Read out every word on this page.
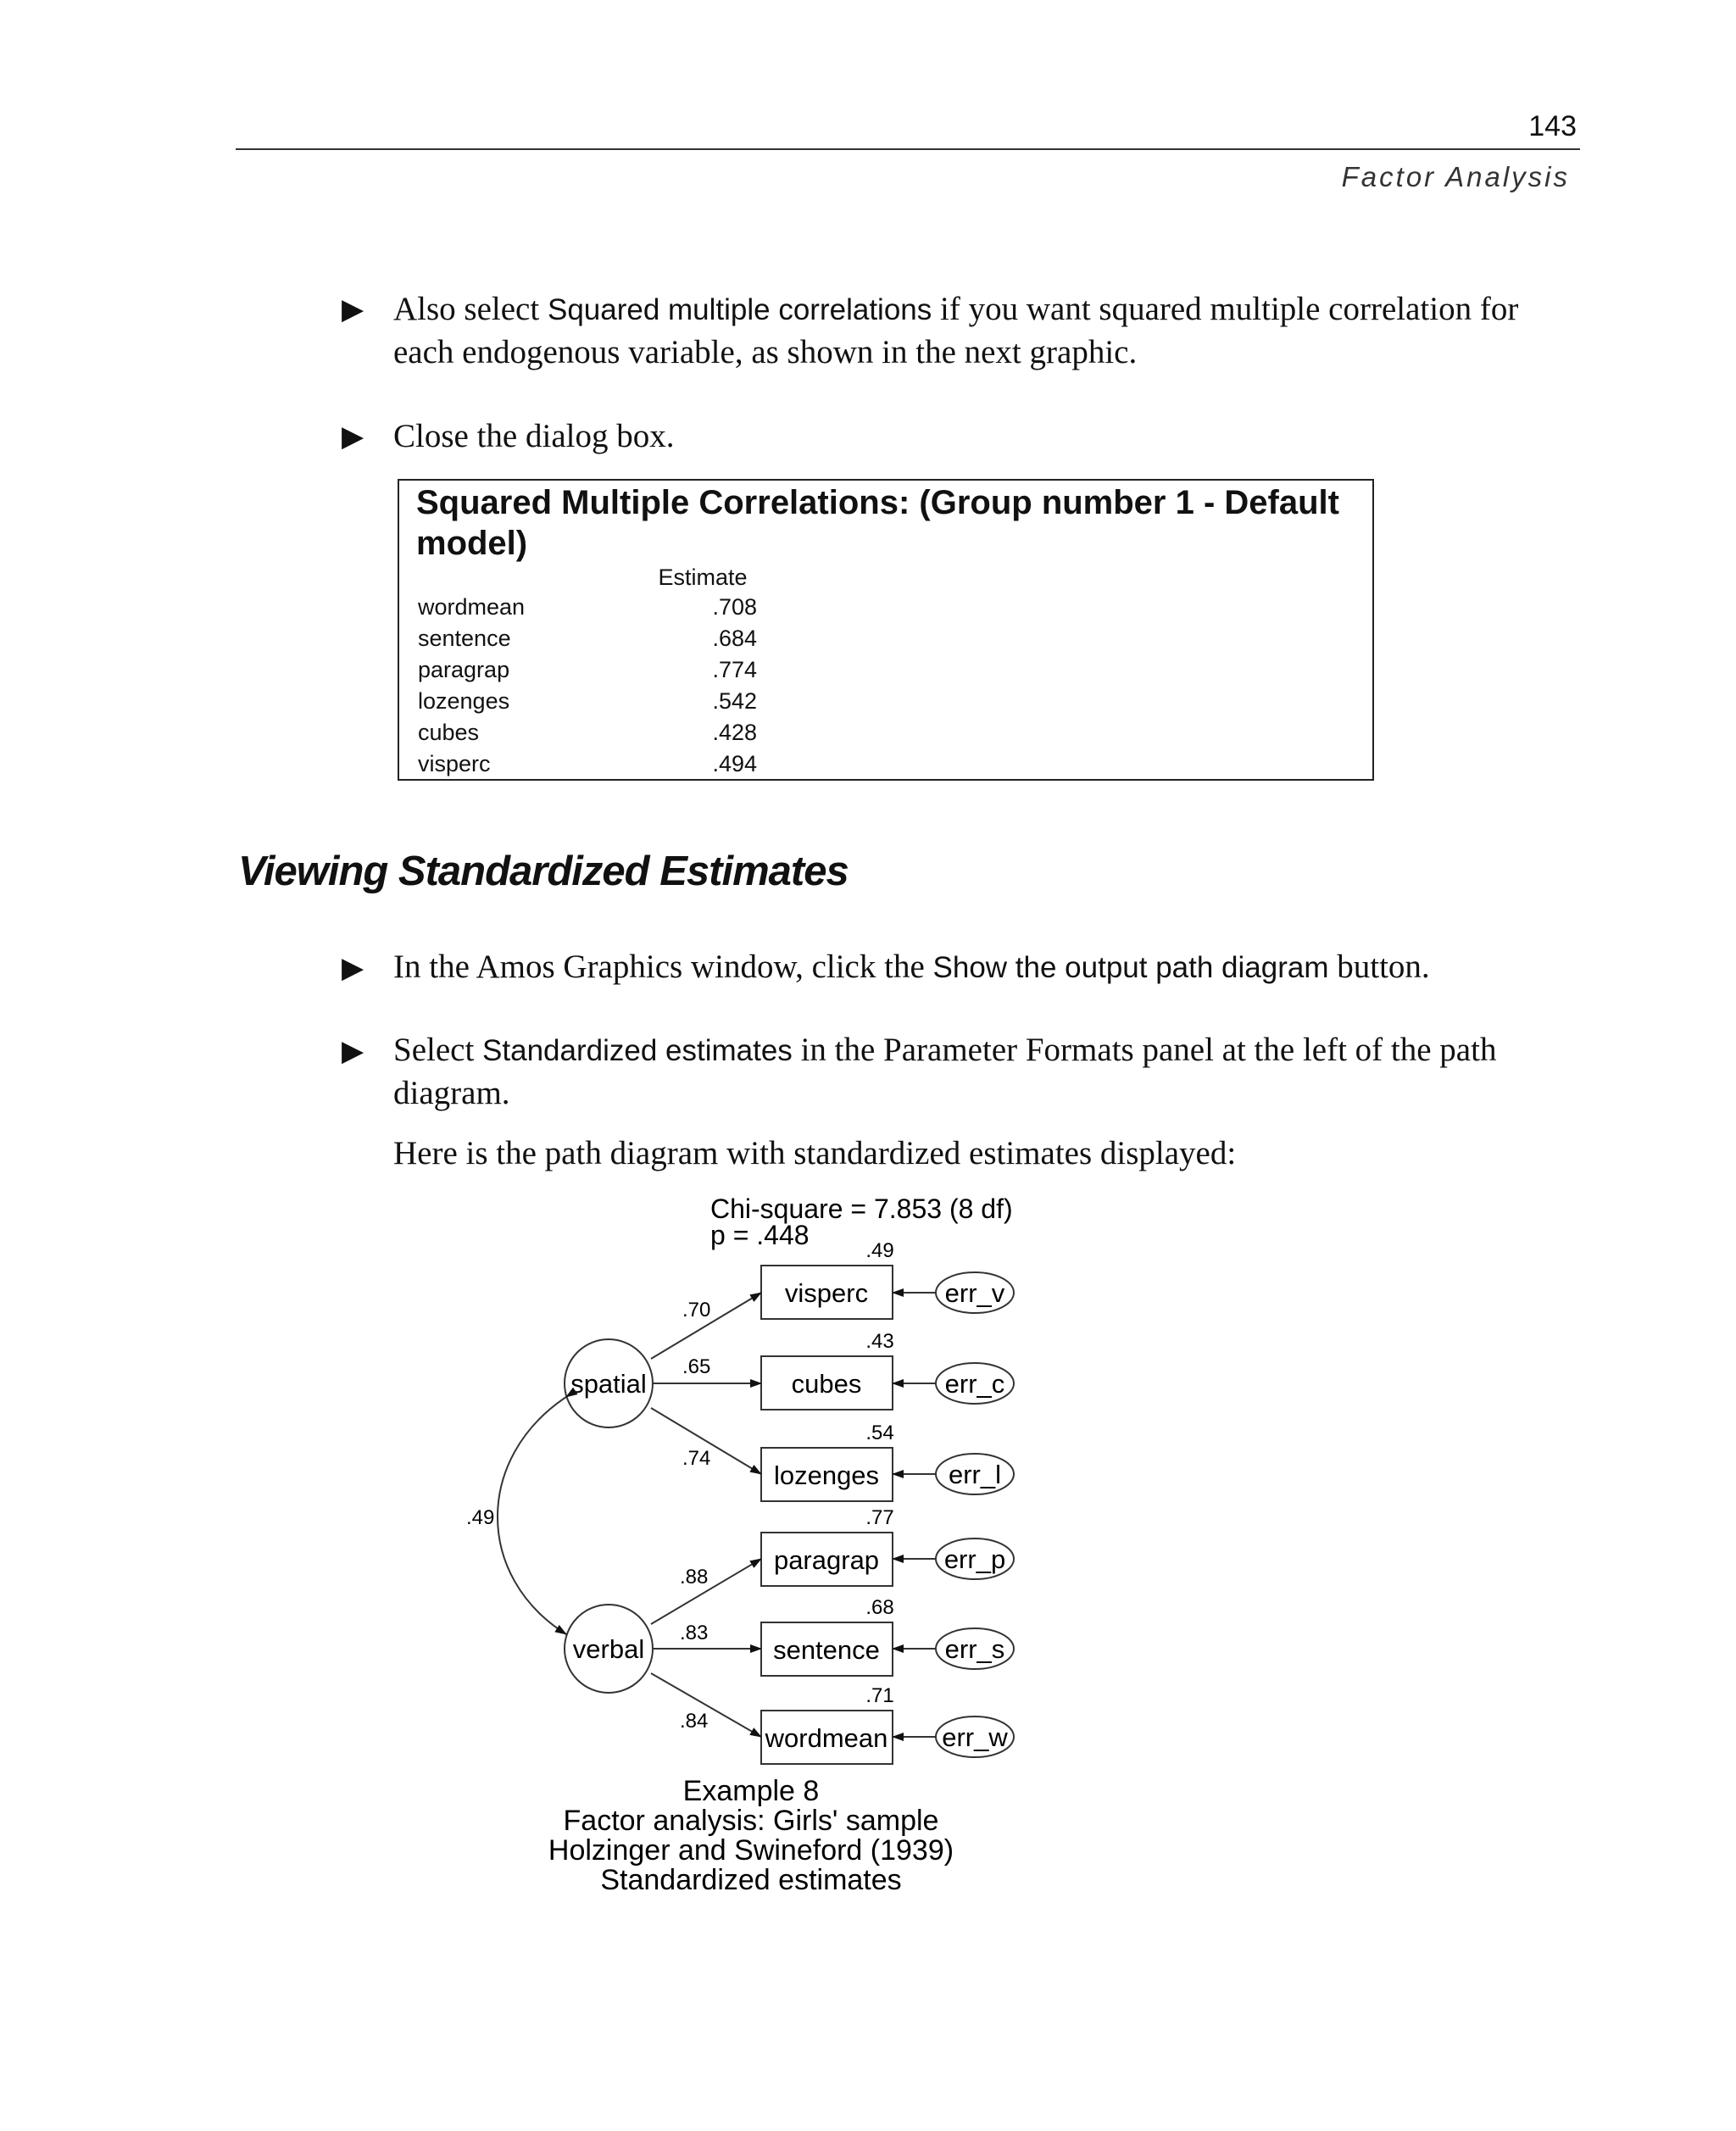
143
Factor Analysis
▶ Also select Squared multiple correlations if you want squared multiple correlation for each endogenous variable, as shown in the next graphic.
▶ Close the dialog box.
Squared Multiple Correlations: (Group number 1 - Default model)
Estimate
wordmean	.708
sentence	.684
paragrap	.774
lozenges	.542
cubes	.428
visperc	.494
Viewing Standardized Estimates
▶ In the Amos Graphics window, click the Show the output path diagram button.
▶ Select Standardized estimates in the Parameter Formats panel at the left of the path diagram.
Here is the path diagram with standardized estimates displayed:
Chi-square = 7.853 (8 df)
p = .448
spatial
verbal
.49
visperc
cubes
lozenges
paragrap
sentence
wordmean
.49
.43
.54
.77
.68
.71
.70
.65
.74
.88
.83
.84
err_v
err_c
err_l
err_p
err_s
err_w
Example 8
Factor analysis: Girls' sample
Holzinger and Swineford (1939)
Standardized estimates
